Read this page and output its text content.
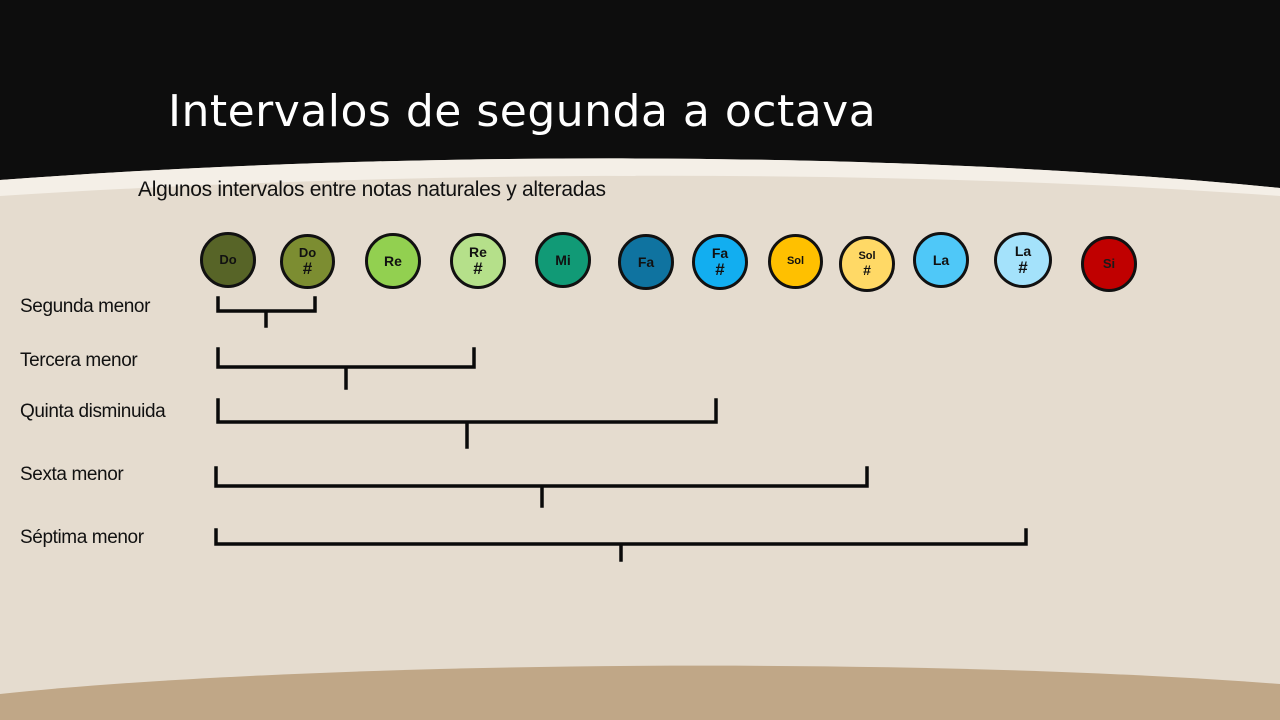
Intervalos de segunda a octava
Algunos intervalos entre notas naturales y alteradas
Do	Do
#	Re
Re
#	Mi	Fa
Fa
#	Sol	Sol
#
La
La
#	Si
Segunda menor
Tercera menor
Quinta disminuida
Sexta menor
Séptima menor
